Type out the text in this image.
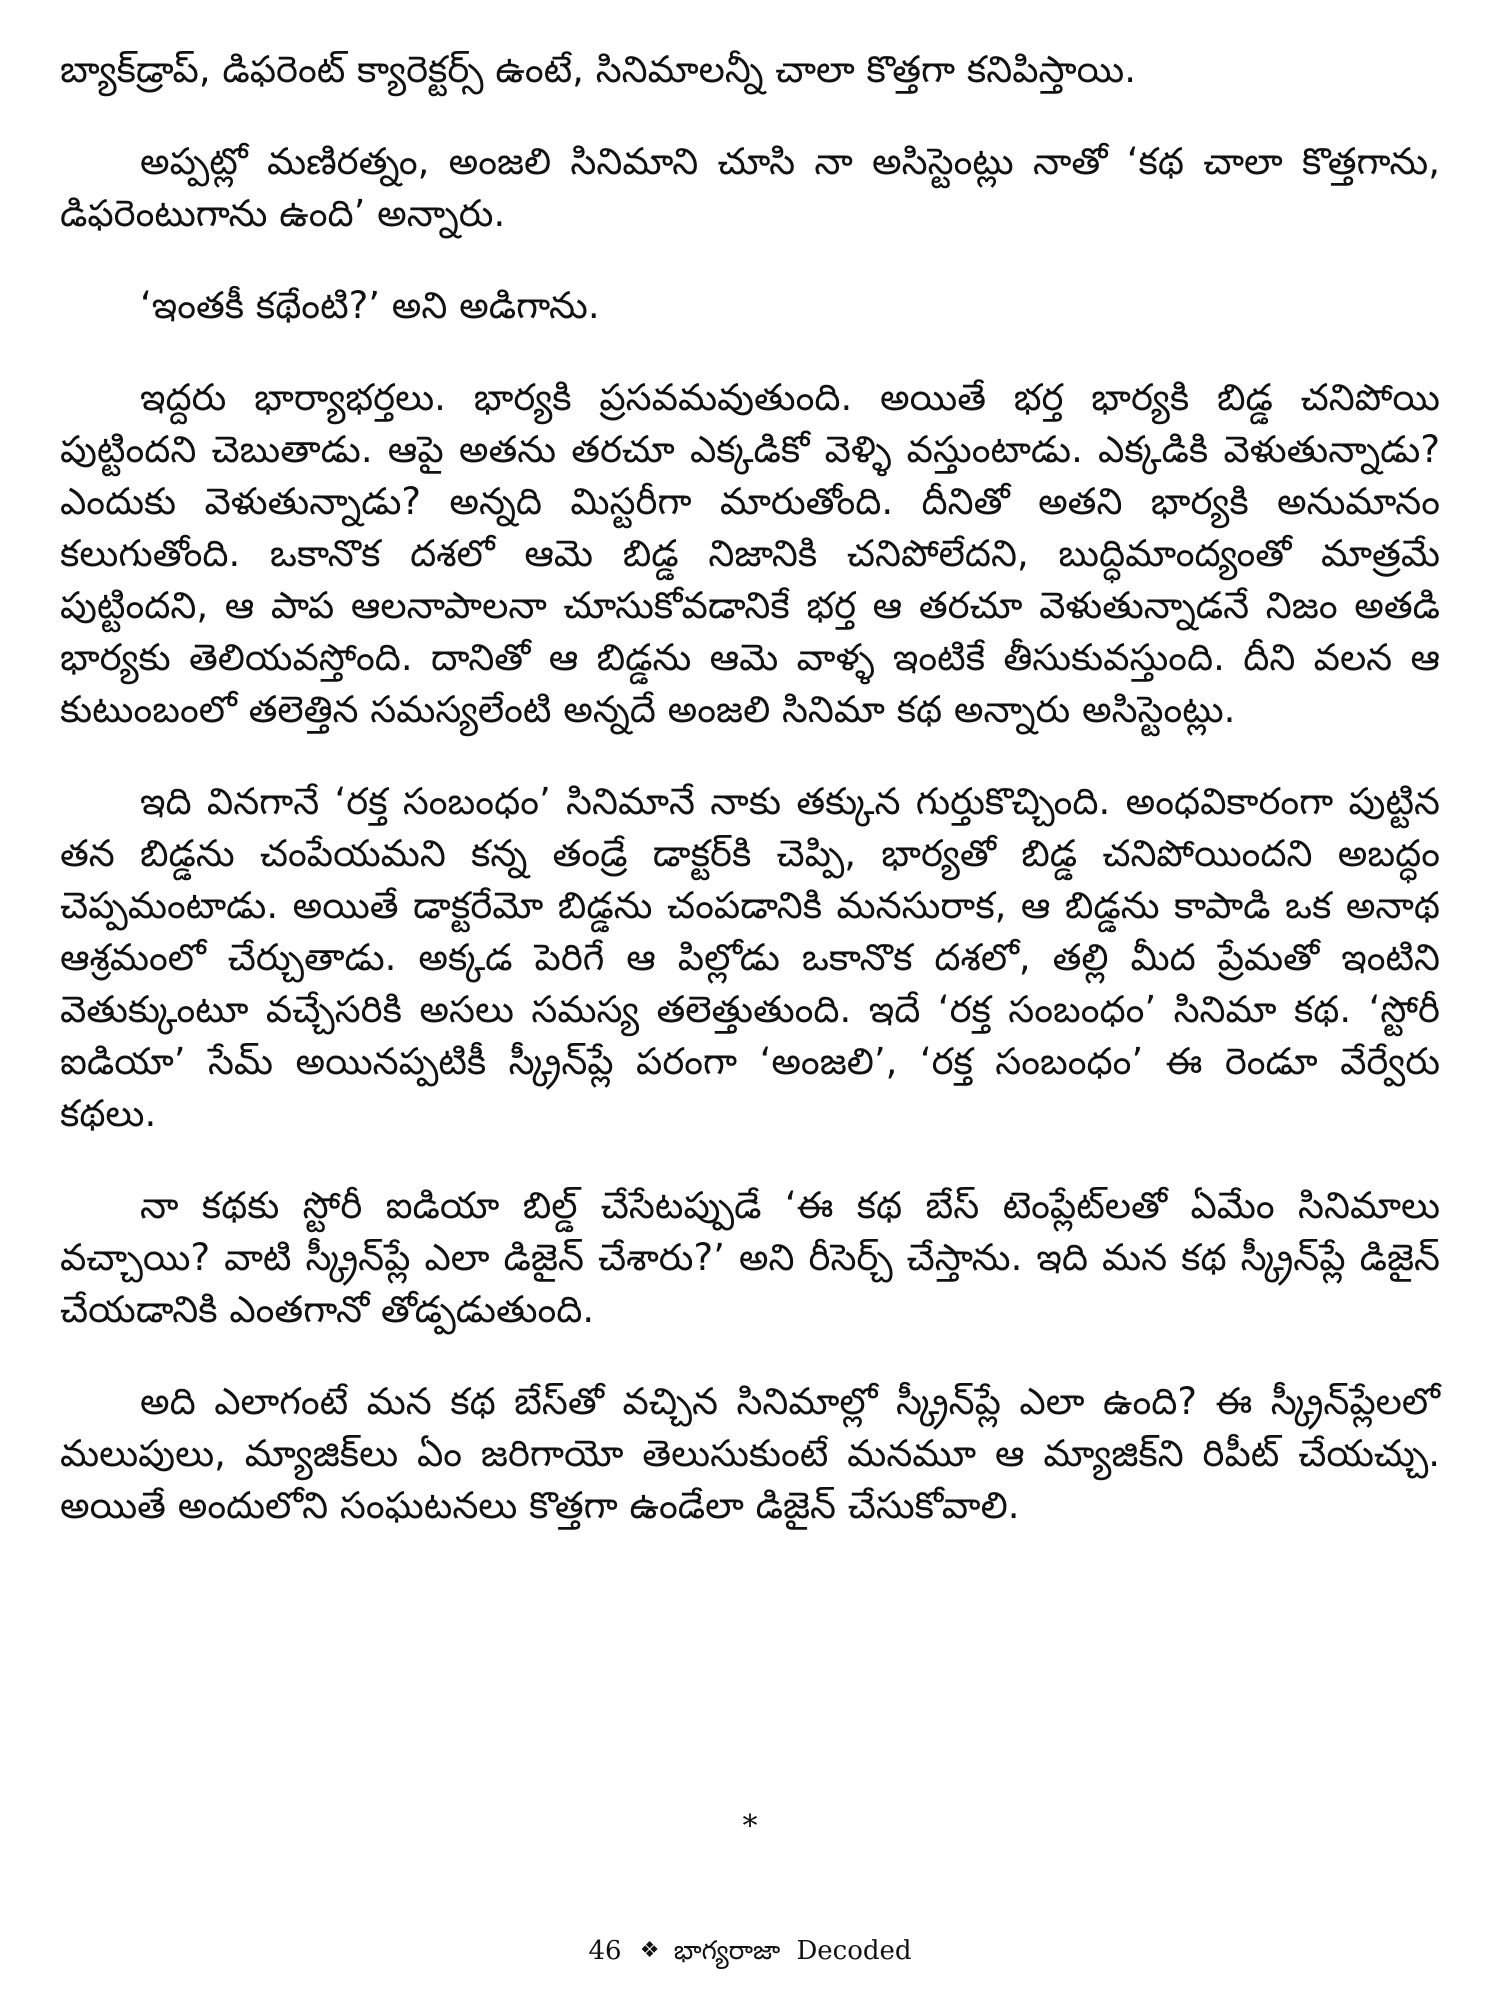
బ్యాక్‌డ్రాప్, డిఫరెంట్ క్యారెక్టర్స్ ఉంటే, సినిమాలన్నీ చాలా కొత్తగా కనిపిస్తాయి.

అప్పట్లో మణిరత్నం, అంజలి సినిమాని చూసి నా అసిస్టెంట్లు నాతో ‘కథ చాలా కొత్తగాను, డిఫరెంటుగాను ఉంది’ అన్నారు.

‘ఇంతకీ కథేంటి?’ అని అడిగాను.

ఇద్దరు భార్యాభర్తలు. భార్యకి ప్రసవమవుతుంది. అయితే భర్త భార్యకి బిడ్డ చనిపోయి పుట్టిందని చెబుతాడు. ఆపై అతను తరచూ ఎక్కడికో వెళ్ళి వస్తుంటాడు. ఎక్కడికి వెళుతున్నాడు? ఎందుకు వెళుతున్నాడు? అన్నది మిస్టరీగా మారుతోంది. దీనితో అతని భార్యకి అనుమానం కలుగుతోంది. ఒకానొక దశలో ఆమె బిడ్డ నిజానికి చనిపోలేదని, బుద్ధిమాంద్యంతో మాత్రమే పుట్టిందని, ఆ పాప ఆలనాపాలనా చూసుకోవడానికే భర్త ఆ తరచూ వెళుతున్నాడనే నిజం అతడి భార్యకు తెలియవస్తోంది. దానితో ఆ బిడ్డను ఆమె వాళ్ళ ఇంటికే తీసుకువస్తుంది. దీని వలన ఆ కుటుంబంలో తలెత్తిన సమస్యలేంటి అన్నదే అంజలి సినిమా కథ అన్నారు అసిస్టెంట్లు.

ఇది వినగానే ‘రక్త సంబంధం’ సినిమానే నాకు తక్కున గుర్తుకొచ్చింది. అంధవికారంగా పుట్టిన తన బిడ్డను చంపేయమని కన్న తండ్రే డాక్టర్‌కి చెప్పి, భార్యతో బిడ్డ చనిపోయిందని అబద్ధం చెప్పమంటాడు. అయితే డాక్టరేమో బిడ్డను చంపడానికి మనసురాక, ఆ బిడ్డను కాపాడి ఒక అనాథ ఆశ్రమంలో చేర్చుతాడు. అక్కడ పెరిగే ఆ పిల్లోడు ఒకానొక దశలో, తల్లి మీద ప్రేమతో ఇంటిని వెతుక్కుంటూ వచ్చేసరికి అసలు సమస్య తలెత్తుతుంది. ఇదే ‘రక్త సంబంధం’ సినిమా కథ. ‘స్టోరీ ఐడియా’ సేమ్ అయినప్పటికీ స్క్రీన్‌ప్లే పరంగా ‘అంజలి’, ‘రక్త సంబంధం’ ఈ రెండూ వేర్వేరు కథలు.

నా కథకు స్టోరీ ఐడియా బిల్డ్ చేసేటప్పుడే ‘ఈ కథ బేస్ టెంప్లేట్‌లతో ఏమేం సినిమాలు వచ్చాయి? వాటి స్క్రీన్‌ప్లే ఎలా డిజైన్ చేశారు?’ అని రీసెర్చ్ చేస్తాను. ఇది మన కథ స్క్రీన్‌ప్లే డిజైన్ చేయడానికి ఎంతగానో తోడ్పడుతుంది.

అది ఎలాగంటే మన కథ బేస్‌తో వచ్చిన సినిమాల్లో స్క్రీన్‌ప్లే ఎలా ఉంది? ఈ స్క్రీన్‌ప్లేలలో మలుపులు, మ్యాజిక్‌లు ఏం జరిగాయో తెలుసుకుంటే మనమూ ఆ మ్యాజిక్‌ని రిపీట్ చేయచ్చు. అయితే అందులోని సంఘటనలు కొత్తగా ఉండేలా డిజైన్ చేసుకోవాలి.

*
46 ❖ భాగ్యరాజా Decoded
